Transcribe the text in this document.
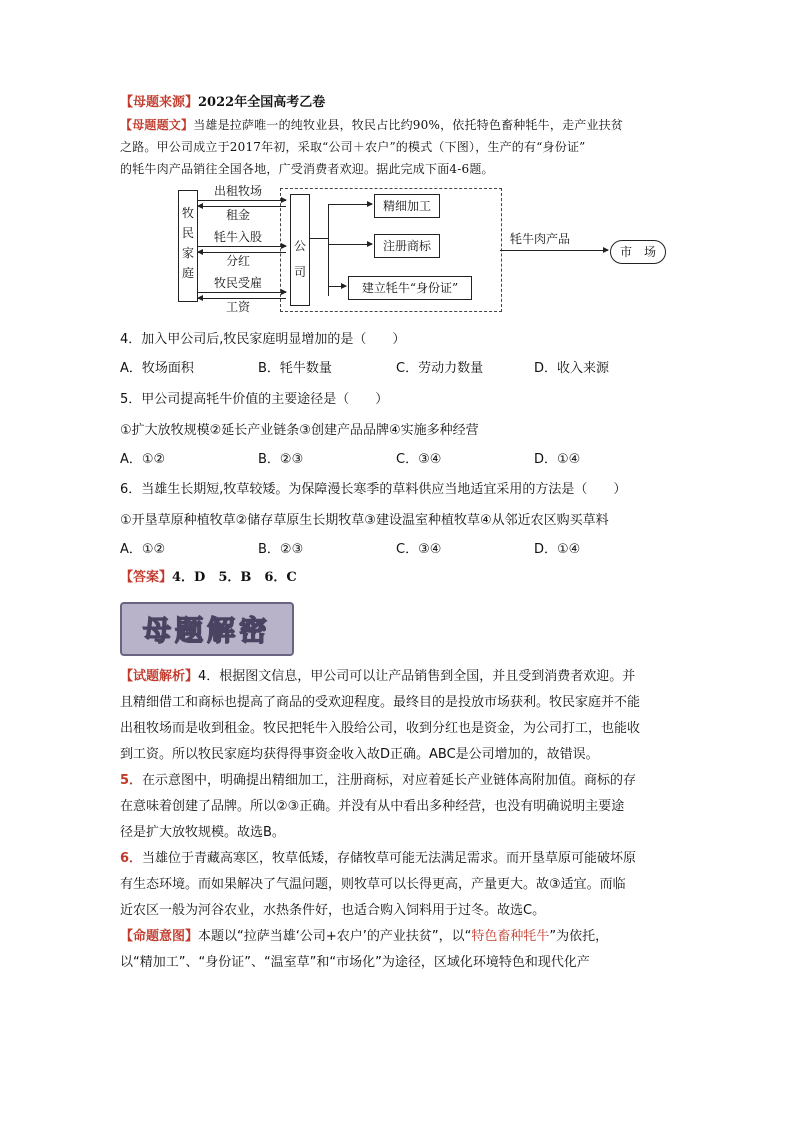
【母题来源】2022年全国高考乙卷
【母题题文】当雄是拉萨唯一的纯牧业县，牧民占比约90%，依托特色畜种牦牛，走产业扶贫
之路。甲公司成立于2017年初，采取“公司＋农户”的模式（下图），生产的有“身份证”
的牦牛肉产品销往全国各地，广受消费者欢迎。据此完成下面4-6题。
牧
民
家
庭
公
司
出租牧场
租金
牦牛入股
分红
牧民受雇
工资
精细加工
注册商标
建立牦牛“身份证”
牦牛肉产品
市　场
4．加入甲公司后,牧民家庭明显增加的是（　　）
A．牧场面积	B．牦牛数量	C．劳动力数量	D．收入来源
5．甲公司提高牦牛价值的主要途径是（　　）
①扩大放牧规模②延长产业链条③创建产品品牌④实施多种经营
A．①②	B．②③	C．③④	D．①④
6．当雄生长期短,牧草较矮。为保障漫长寒季的草料供应当地适宜采用的方法是（　　）
①开垦草原种植牧草②储存草原生长期牧草③建设温室种植牧草④从邻近农区购买草料
A．①②	B．②③	C．③④	D．①④
【答案】4．D　5．B　6．C
母题解密
【试题解析】4．根据图文信息，甲公司可以让产品销售到全国，并且受到消费者欢迎。并
且精细借工和商标也提高了商品的受欢迎程度。最终目的是投放市场获利。牧民家庭并不能
出租牧场而是收到租金。牧民把牦牛入股给公司，收到分红也是资金，为公司打工，也能收
到工资。所以牧民家庭均获得得事资金收入故D正确。ABC是公司增加的，故错误。
5．在示意图中，明确提出精细加工，注册商标，对应着延长产业链体高附加值。商标的存
在意味着创建了品牌。所以②③正确。并没有从中看出多种经营，也没有明确说明主要途
径是扩大放牧规模。故选B。
6．当雄位于青藏高寒区，牧草低矮，存储牧草可能无法满足需求。而开垦草原可能破坏原
有生态环境。而如果解决了气温问题，则牧草可以长得更高，产量更大。故③适宜。而临
近农区一般为河谷农业，水热条件好，也适合购入饲料用于过冬。故选C。
【命题意图】本题以“拉萨当雄‘公司+农户’的产业扶贫”，以“特色畜种牦牛”为依托，
以“精加工”、“身份证”、“温室草”和“市场化”为途径，区域化环境特色和现代化产
